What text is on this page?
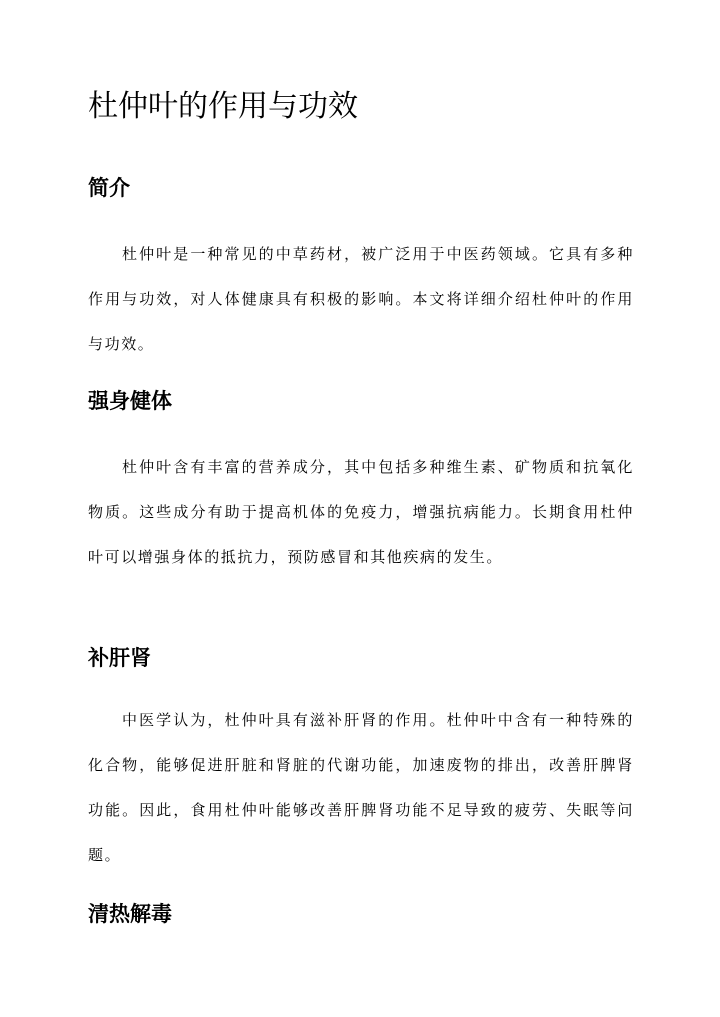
杜仲叶的作用与功效
简介

杜仲叶是一种常见的中草药材，被广泛用于中医药领域。它具有多种作用与功效，对人体健康具有积极的影响。本文将详细介绍杜仲叶的作用与功效。

强身健体

杜仲叶含有丰富的营养成分，其中包括多种维生素、矿物质和抗氧化物质。这些成分有助于提高机体的免疫力，增强抗病能力。长期食用杜仲叶可以增强身体的抵抗力，预防感冒和其他疾病的发生。

补肝肾

中医学认为，杜仲叶具有滋补肝肾的作用。杜仲叶中含有一种特殊的化合物，能够促进肝脏和肾脏的代谢功能，加速废物的排出，改善肝脾肾功能。因此，食用杜仲叶能够改善肝脾肾功能不足导致的疲劳、失眠等问题。

清热解毒
